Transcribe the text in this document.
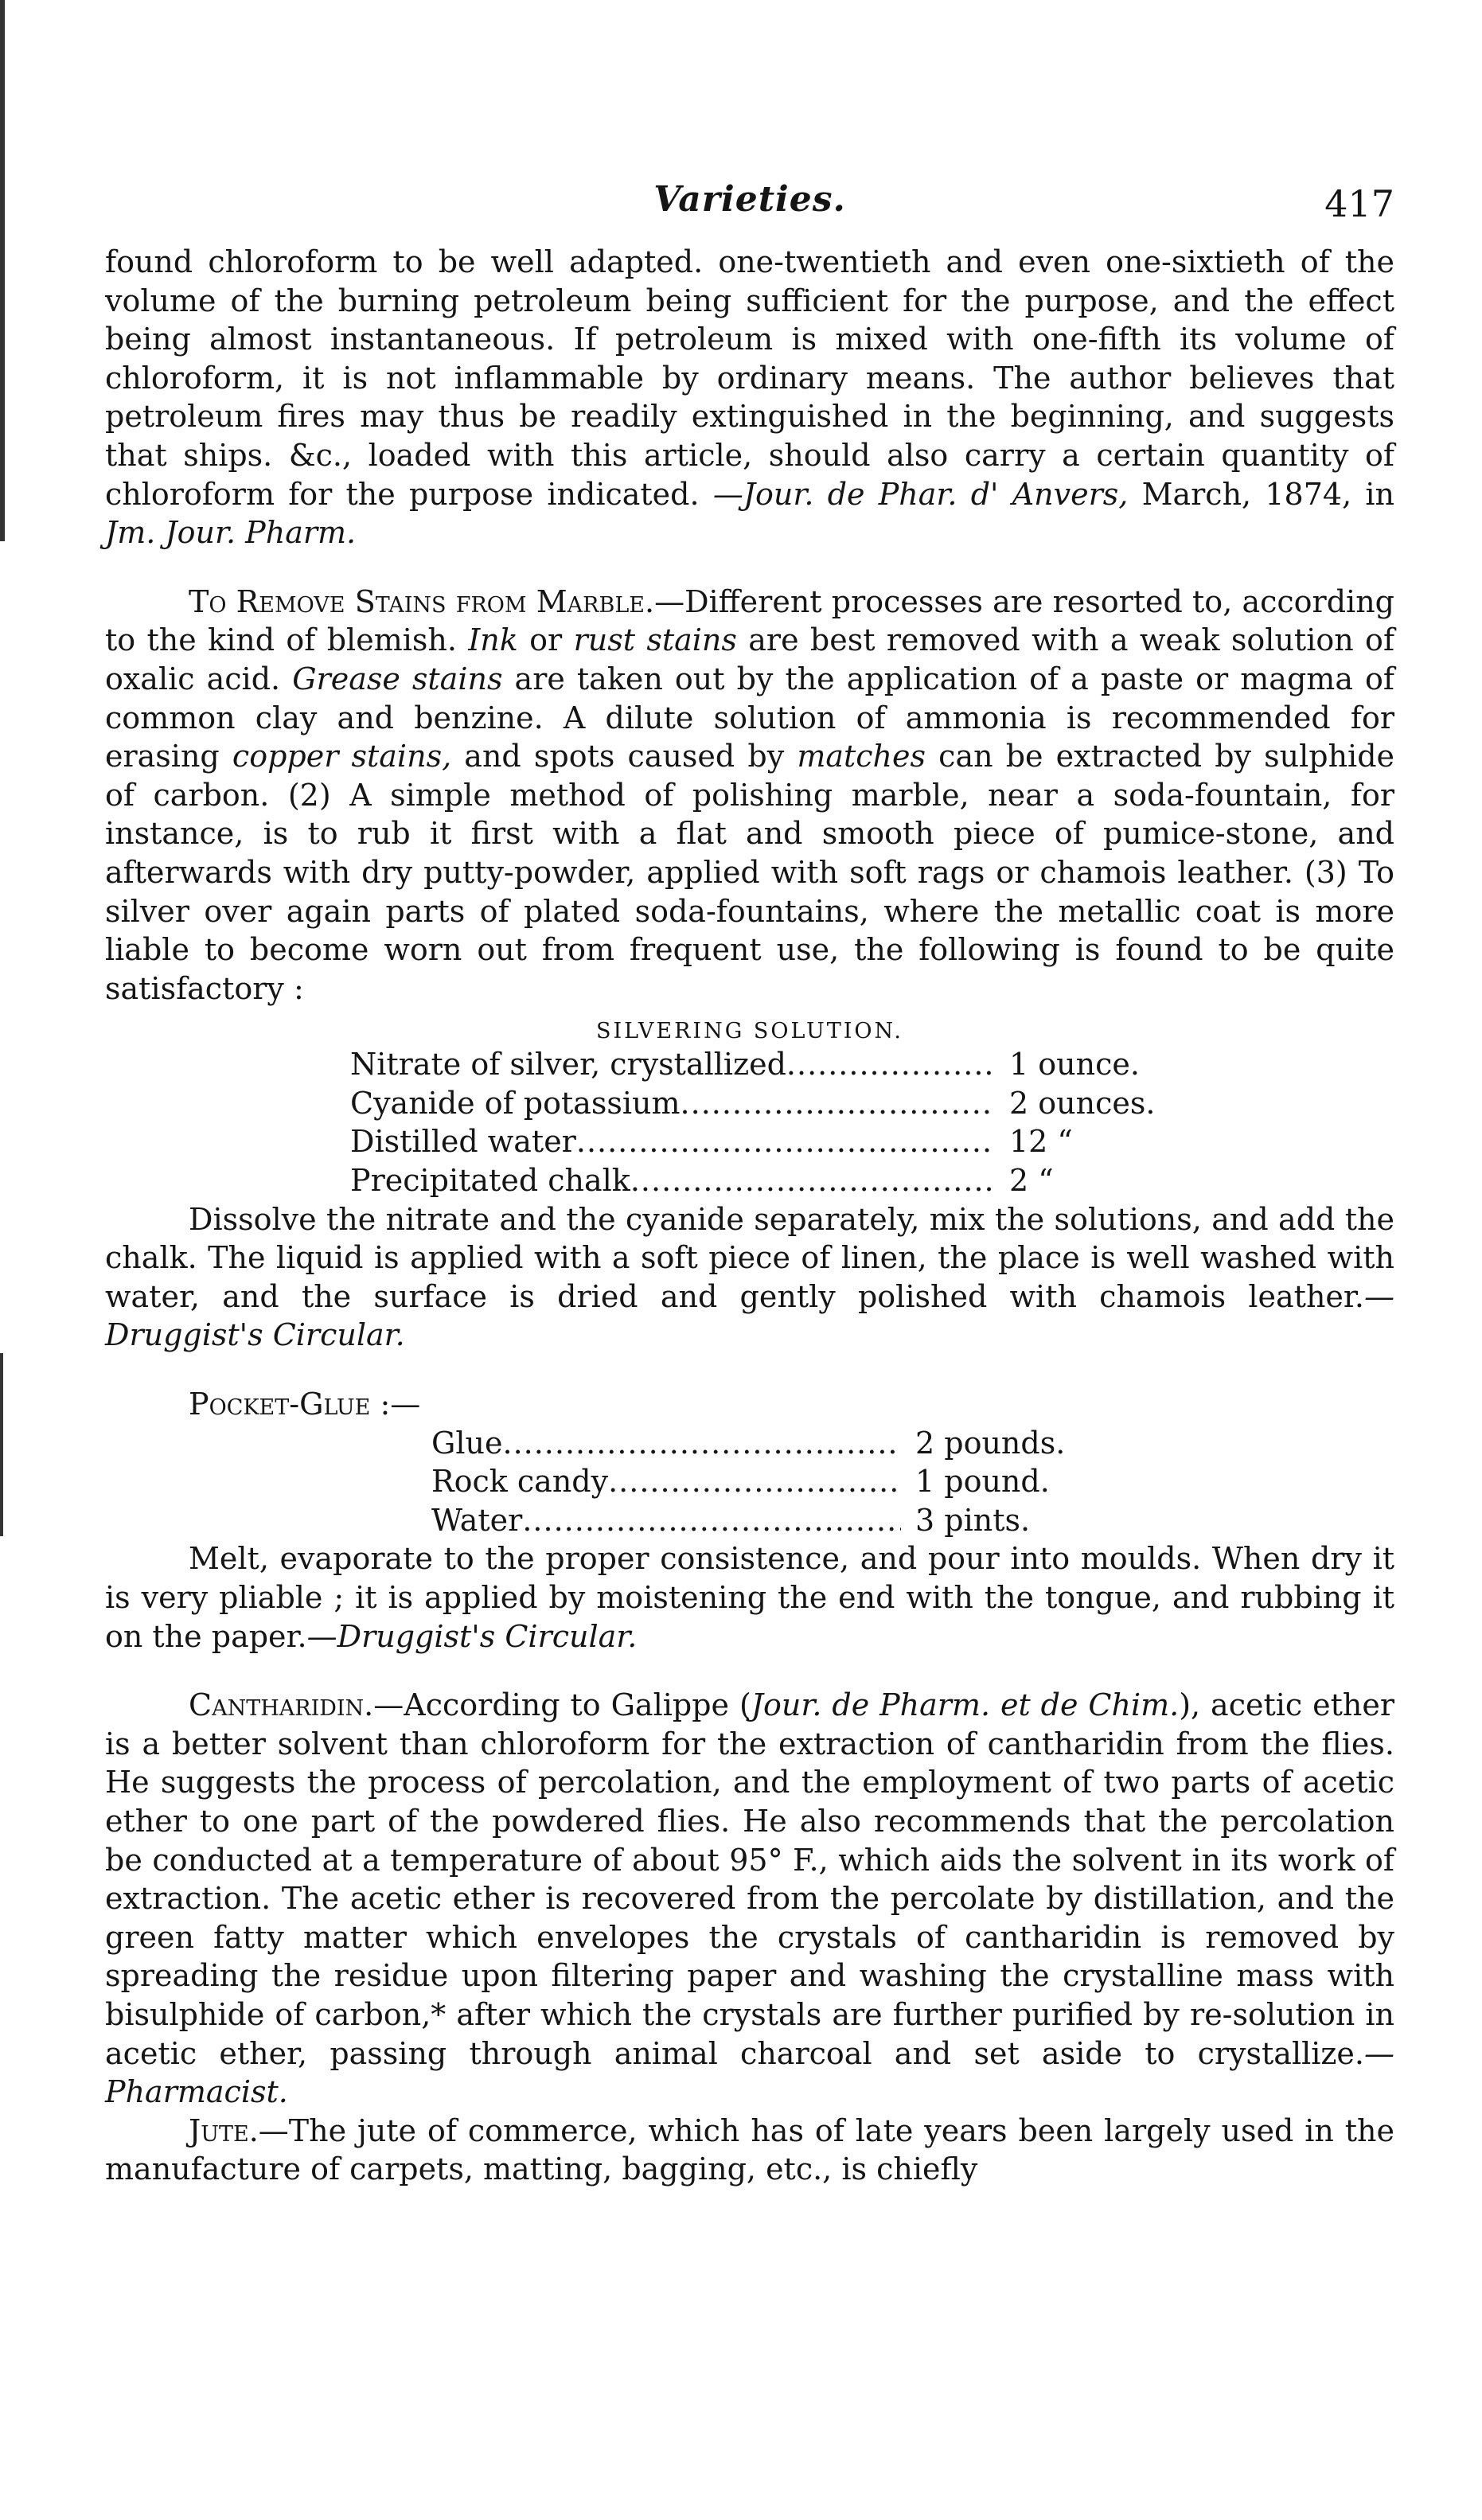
Varieties.	417

found chloroform to be well adapted. one-twentieth and even one-sixtieth of the volume of the burning petroleum being sufficient for the purpose, and the effect being almost instantaneous. If petroleum is mixed with one-fifth its volume of chloroform, it is not inflammable by ordinary means. The author believes that petroleum fires may thus be readily extinguished in the beginning, and suggests that ships. &c., loaded with this article, should also carry a certain quantity of chloroform for the purpose indicated. —Jour. de Phar. d' Anvers, March, 1874, in Jm. Jour. Pharm.

To Remove Stains from Marble.—Different processes are resorted to, according to the kind of blemish. Ink or rust stains are best removed with a weak solution of oxalic acid. Grease stains are taken out by the application of a paste or magma of common clay and benzine. A dilute solution of ammonia is recommended for erasing copper stains, and spots caused by matches can be extracted by sulphide of carbon. (2) A simple method of polishing marble, near a soda-fountain, for instance, is to rub it first with a flat and smooth piece of pumice-stone, and afterwards with dry putty-powder, applied with soft rags or chamois leather. (3) To silver over again parts of plated soda-fountains, where the metallic coat is more liable to become worn out from frequent use, the following is found to be quite satisfactory :

SILVERING SOLUTION.
Nitrate of silver, crystallized .....	1 ounce.
Cyanide of potassium .....	2 ounces.
Distilled water .....	12 “
Precipitated chalk .....	2 “

Dissolve the nitrate and the cyanide separately, mix the solutions, and add the chalk. The liquid is applied with a soft piece of linen, the place is well washed with water, and the surface is dried and gently polished with chamois leather.—Druggist's Circular.

Pocket-Glue :—

Glue .....	2 pounds.
Rock candy .....	1 pound.
Water .....	3 pints.

Melt, evaporate to the proper consistence, and pour into moulds. When dry it is very pliable ; it is applied by moistening the end with the tongue, and rubbing it on the paper.—Druggist's Circular.

Cantharidin.—According to Galippe (Jour. de Pharm. et de Chim.), acetic ether is a better solvent than chloroform for the extraction of cantharidin from the flies. He suggests the process of percolation, and the employment of two parts of acetic ether to one part of the powdered flies. He also recommends that the percolation be conducted at a temperature of about 95° F., which aids the solvent in its work of extraction. The acetic ether is recovered from the percolate by distillation, and the green fatty matter which envelopes the crystals of cantharidin is removed by spreading the residue upon filtering paper and washing the crystalline mass with bisulphide of carbon,* after which the crystals are further purified by re-solution in acetic ether, passing through animal charcoal and set aside to crystallize.—Pharmacist.

Jute.—The jute of commerce, which has of late years been largely used in the manufacture of carpets, matting, bagging, etc., is chiefly
